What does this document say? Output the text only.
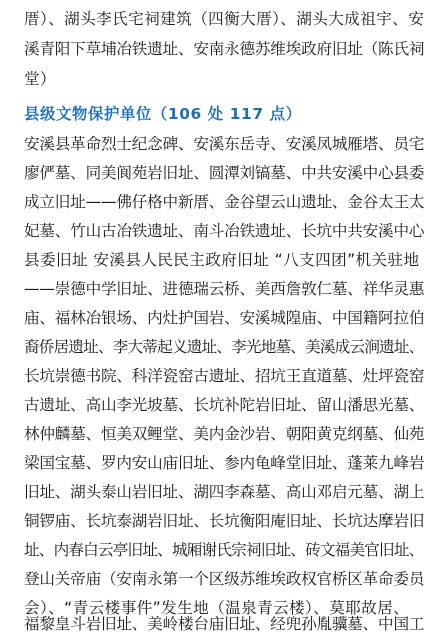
厝）、湖头李氏宅祠建筑（四衡大厝）、湖头大成祖宇、安
溪青阳下草埔冶铁遗址、安南永德苏维埃政府旧址（陈氏祠
堂）
县级文物保护单位（106 处 117 点）
安溪县革命烈士纪念碑、安溪东岳寺、安溪凤城雁塔、员宅
廖俨墓、同美阆苑岩旧址、圆潭刘镐墓、中共安溪中心县委
成立旧址——佛仔格中新厝、金谷望云山遗址、金谷太王太
妃墓、竹山古冶铁遗址、南斗冶铁遗址、长坑中共安溪中心
县委旧址 安溪县人民民主政府旧址 “八支四团”机关驻地
——崇德中学旧址、进德瑞云桥、美西詹敦仁墓、祥华灵惠
庙、福林冶银场、内灶护国岩、安溪城隍庙、中国籍阿拉伯
裔侨居遗址、李大蒂起义遗址、李光地墓、美溪成云涧遗址、
长坑崇德书院、科洋瓷窑古遗址、招坑王直道墓、灶坪瓷窑
古遗址、高山李光坡墓、长坑补陀岩旧址、留山潘思光墓、
林仲麟墓、恒美双鲤堂、美内金沙岩、朝阳黄克纲墓、仙苑
梁国宝墓、罗内安山庙旧址、参内龟峰堂旧址、蓬莱九峰岩
旧址、湖头泰山岩旧址、湖四李森墓、高山邓启元墓、湖上
铜锣庙、长坑泰湖岩旧址、长坑衡阳庵旧址、长坑达摩岩旧
址、内春白云亭旧址、城厢谢氏宗祠旧址、砖文福美官旧址、
登山关帝庙（安南永第一个区级苏维埃政权官桥区革命委员
会）、“青云楼事件”发生地（温泉青云楼）、莫耶故居、
福黎皇斗岩旧址、美岭楼台庙旧址、经兜孙胤骥墓、中国工
